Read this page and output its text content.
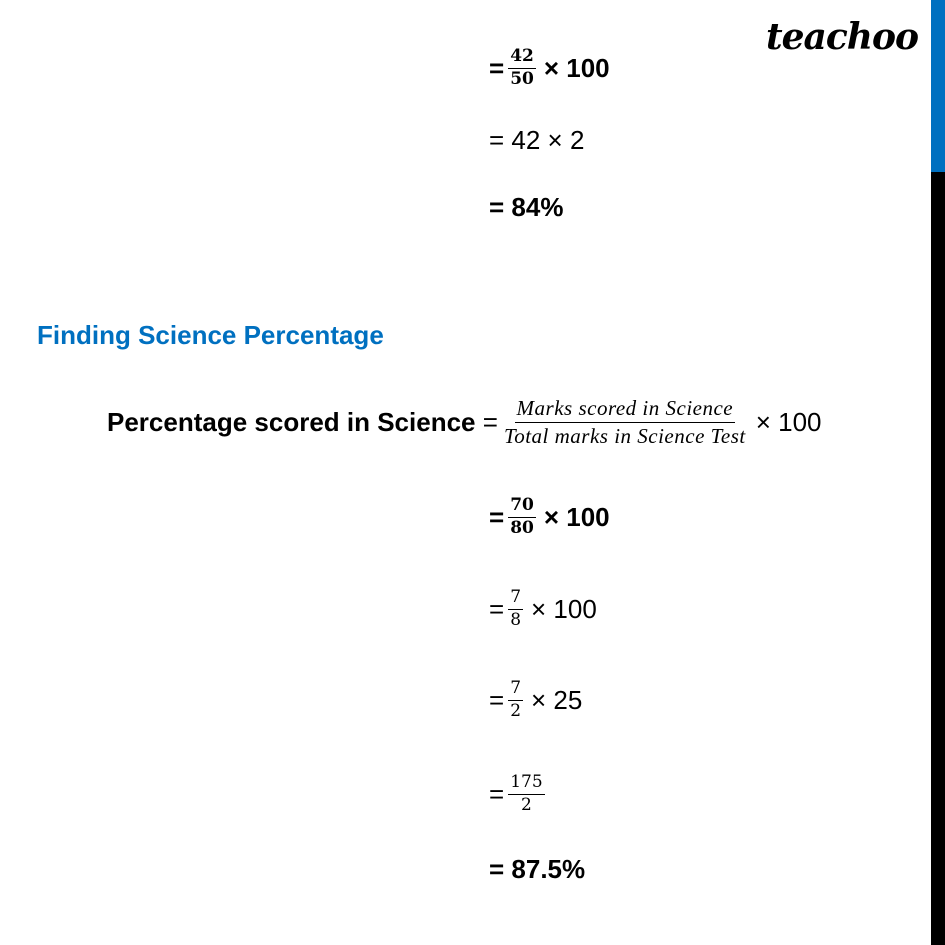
teachoo
= $\frac{42}{50} \times 100$
= 42 × 2
= 84%
Finding Science Percentage
Percentage scored in Science
= $\frac{\text{Marks scored in Science}}{\text{Total marks in Science Test}} \times 100$
= $\frac{70}{80} \times 100$
= $\frac{7}{8} \times 100$
= $\frac{7}{2} \times 25$
= $\frac{175}{2}$
= 87.5%
